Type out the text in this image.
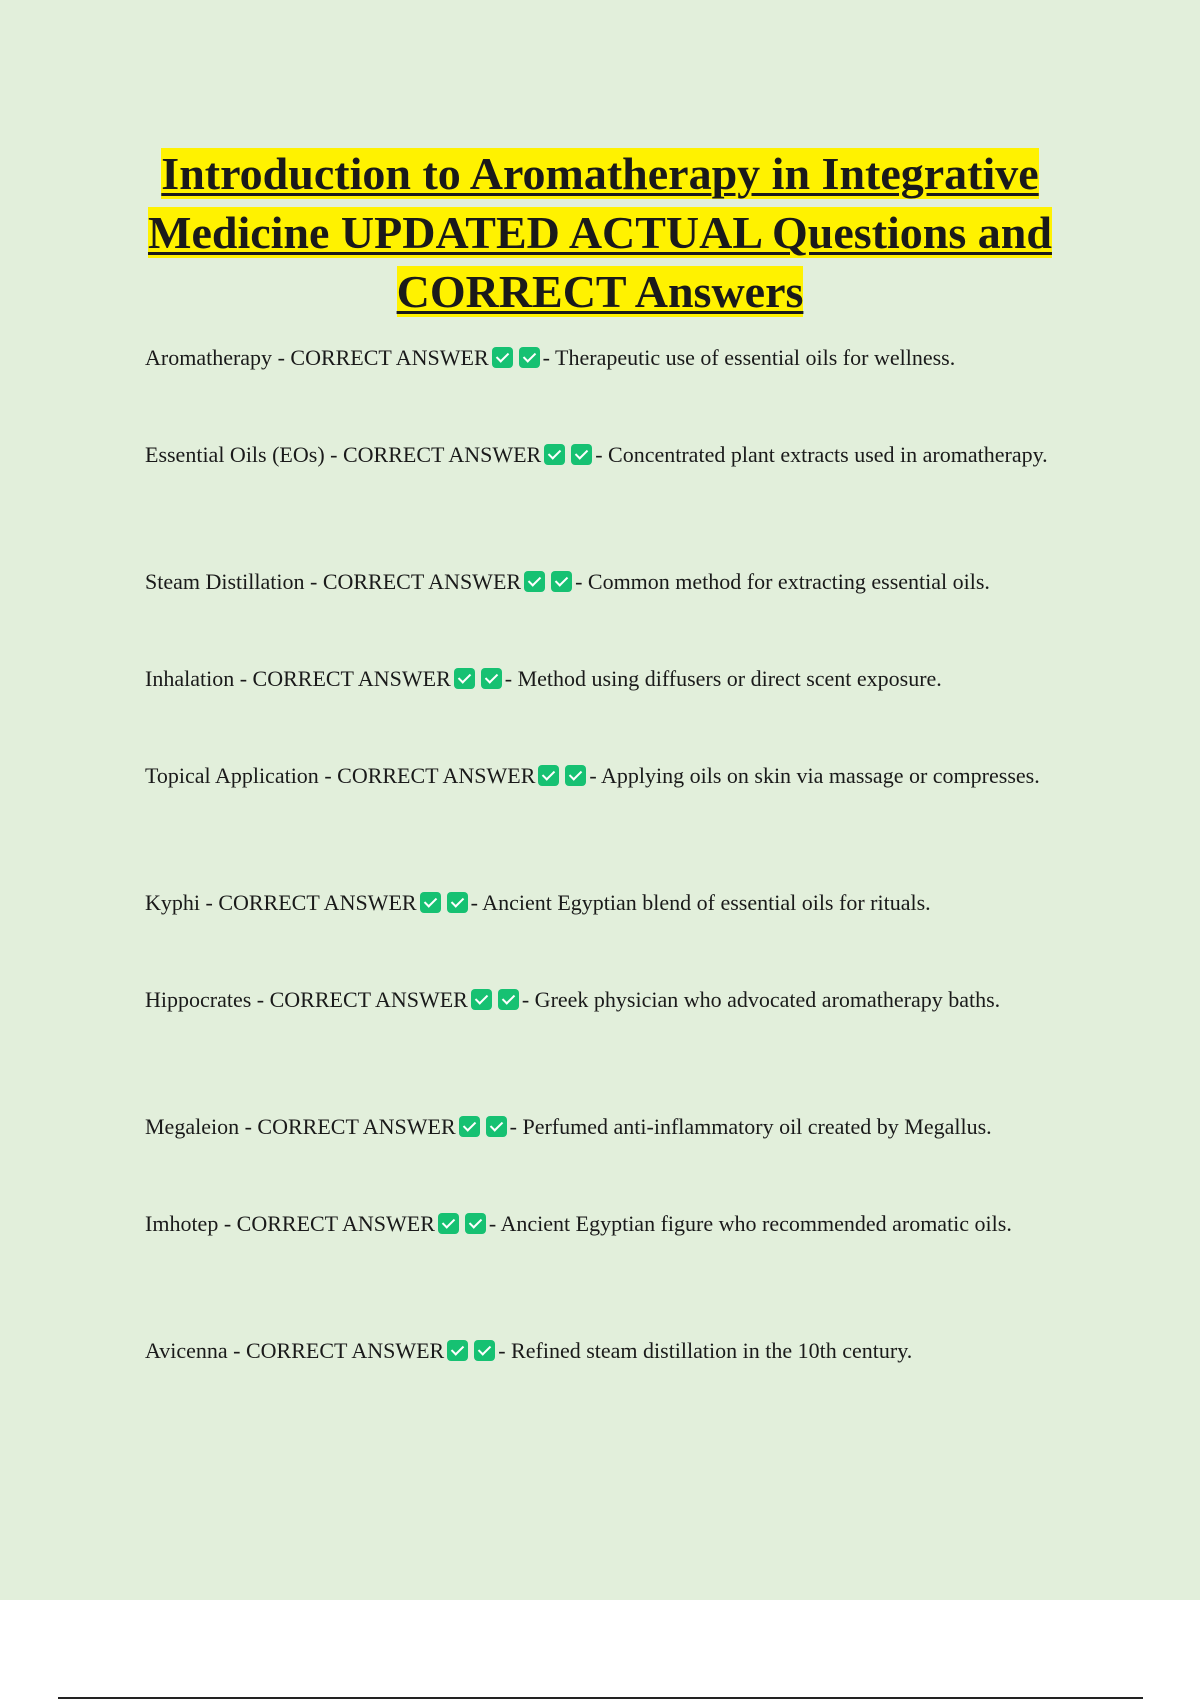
Introduction to Aromatherapy in Integrative Medicine UPDATED ACTUAL Questions and CORRECT Answers
Aromatherapy - CORRECT ANSWER - Therapeutic use of essential oils for wellness.
Essential Oils (EOs) - CORRECT ANSWER - Concentrated plant extracts used in aromatherapy.
Steam Distillation - CORRECT ANSWER - Common method for extracting essential oils.
Inhalation - CORRECT ANSWER - Method using diffusers or direct scent exposure.
Topical Application - CORRECT ANSWER - Applying oils on skin via massage or compresses.
Kyphi - CORRECT ANSWER - Ancient Egyptian blend of essential oils for rituals.
Hippocrates - CORRECT ANSWER - Greek physician who advocated aromatherapy baths.
Megaleion - CORRECT ANSWER - Perfumed anti-inflammatory oil created by Megallus.
Imhotep - CORRECT ANSWER - Ancient Egyptian figure who recommended aromatic oils.
Avicenna - CORRECT ANSWER - Refined steam distillation in the 10th century.
